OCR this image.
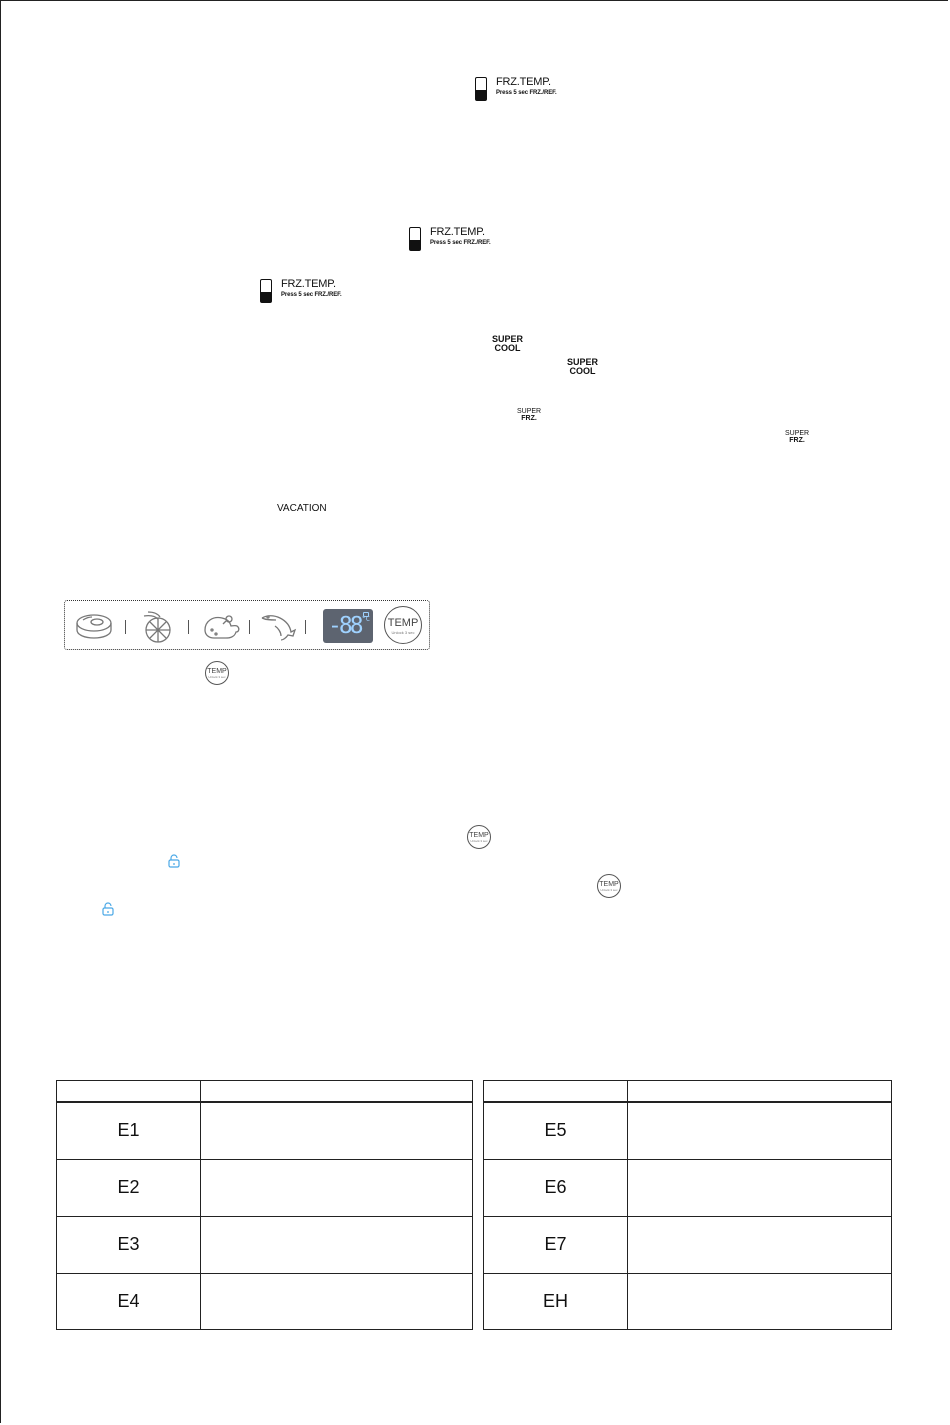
FRZ.TEMP.
Press 5 sec FRZ./REF.
FRZ.TEMP.
Press 5 sec FRZ./REF.
FRZ.TEMP.
Press 5 sec FRZ./REF.
SUPER
COOL
SUPER
COOL
SUPER
FRZ.
SUPER
FRZ.
VACATION
-88 °C TEMP
Unlock 3 sec
TEMP
Unlock 3 sec
TEMP
Unlock 3 sec
TEMP
Unlock 3 sec

E1	
E2	
E3	
E4	

E5	
E6	
E7	
EH	
